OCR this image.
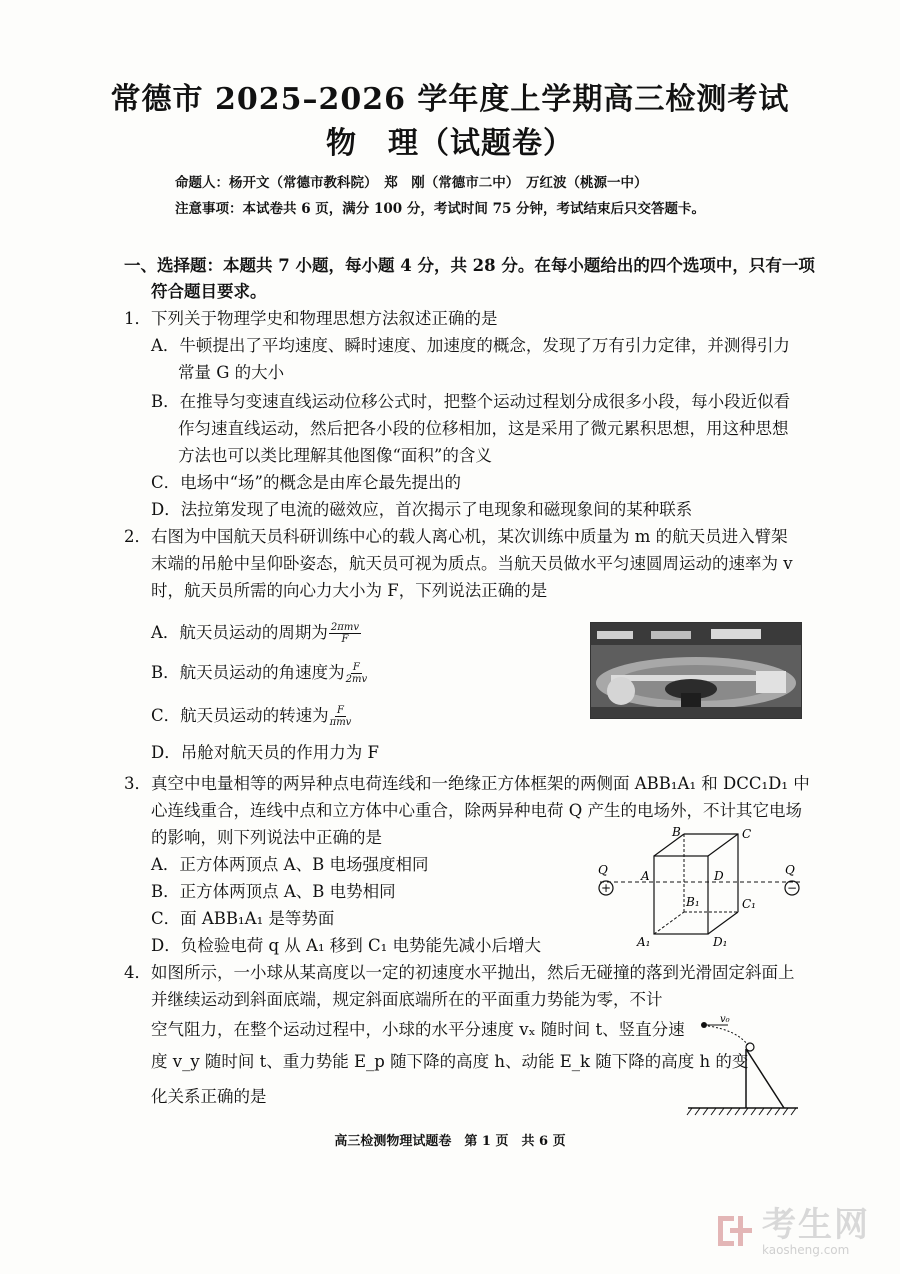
常德市 2025–2026 学年度上学期高三检测考试
物　理（试题卷）
命题人：杨开文（常德市教科院）　郑　刚（常德市二中）　万红波（桃源一中）
注意事项：本试卷共 6 页，满分 100 分，考试时间 75 分钟，考试结束后只交答题卡。
一、选择题：本题共 7 小题，每小题 4 分，共 28 分。在每小题给出的四个选项中，只有一项
符合题目要求。
1．下列关于物理学史和物理思想方法叙述正确的是
A．牛顿提出了平均速度、瞬时速度、加速度的概念，发现了万有引力定律，并测得引力
常量 G 的大小
B．在推导匀变速直线运动位移公式时，把整个运动过程划分成很多小段，每小段近似看
作匀速直线运动，然后把各小段的位移相加，这是采用了微元累积思想，用这种思想
方法也可以类比理解其他图像“面积”的含义
C．电场中“场”的概念是由库仑最先提出的
D．法拉第发现了电流的磁效应，首次揭示了电现象和磁现象间的某种联系
2．右图为中国航天员科研训练中心的载人离心机，某次训练中质量为 m 的航天员进入臂架
末端的吊舱中呈仰卧姿态，航天员可视为质点。当航天员做水平匀速圆周运动的速率为 v
时，航天员所需的向心力大小为 F，下列说法正确的是
A．航天员运动的周期为 $\frac{\text{2πmv}}{F}$
B．航天员运动的角速度为 $\frac{F}{2mv}$
C．航天员运动的转速为 $\frac{F}{\text{πmv}}$
D．吊舱对航天员的作用力为 F
3．真空中电量相等的两异种点电荷连线和一绝缘正方体框架的两侧面 ABB₁A₁ 和 DCC₁D₁ 中
心连线重合，连线中点和立方体中心重合，除两异种电荷 Q 产生的电场外，不计其它电场
的影响，则下列说法中正确的是
A．正方体两顶点 A、B 电场强度相同
B．正方体两顶点 A、B 电势相同
C．面 ABB₁A₁ 是等势面
D．负检验电荷 q 从 A₁ 移到 C₁ 电势能先减小后增大
+	−
Q	Q
B	C
A	D
B₁	C₁
A₁	D₁
4．如图所示，一小球从某高度以一定的初速度水平抛出，然后无碰撞的落到光滑固定斜面上
并继续运动到斜面底端，规定斜面底端所在的平面重力势能为零，不计
空气阻力，在整个运动过程中，小球的水平分速度 vₓ 随时间 t、竖直分速
度 v_y 随时间 t、重力势能 E_p 随下降的高度 h、动能 E_k 随下降的高度 h 的变
化关系正确的是
v₀
高三检测物理试题卷　第 1 页　共 6 页
考生网
kaosheng.com
